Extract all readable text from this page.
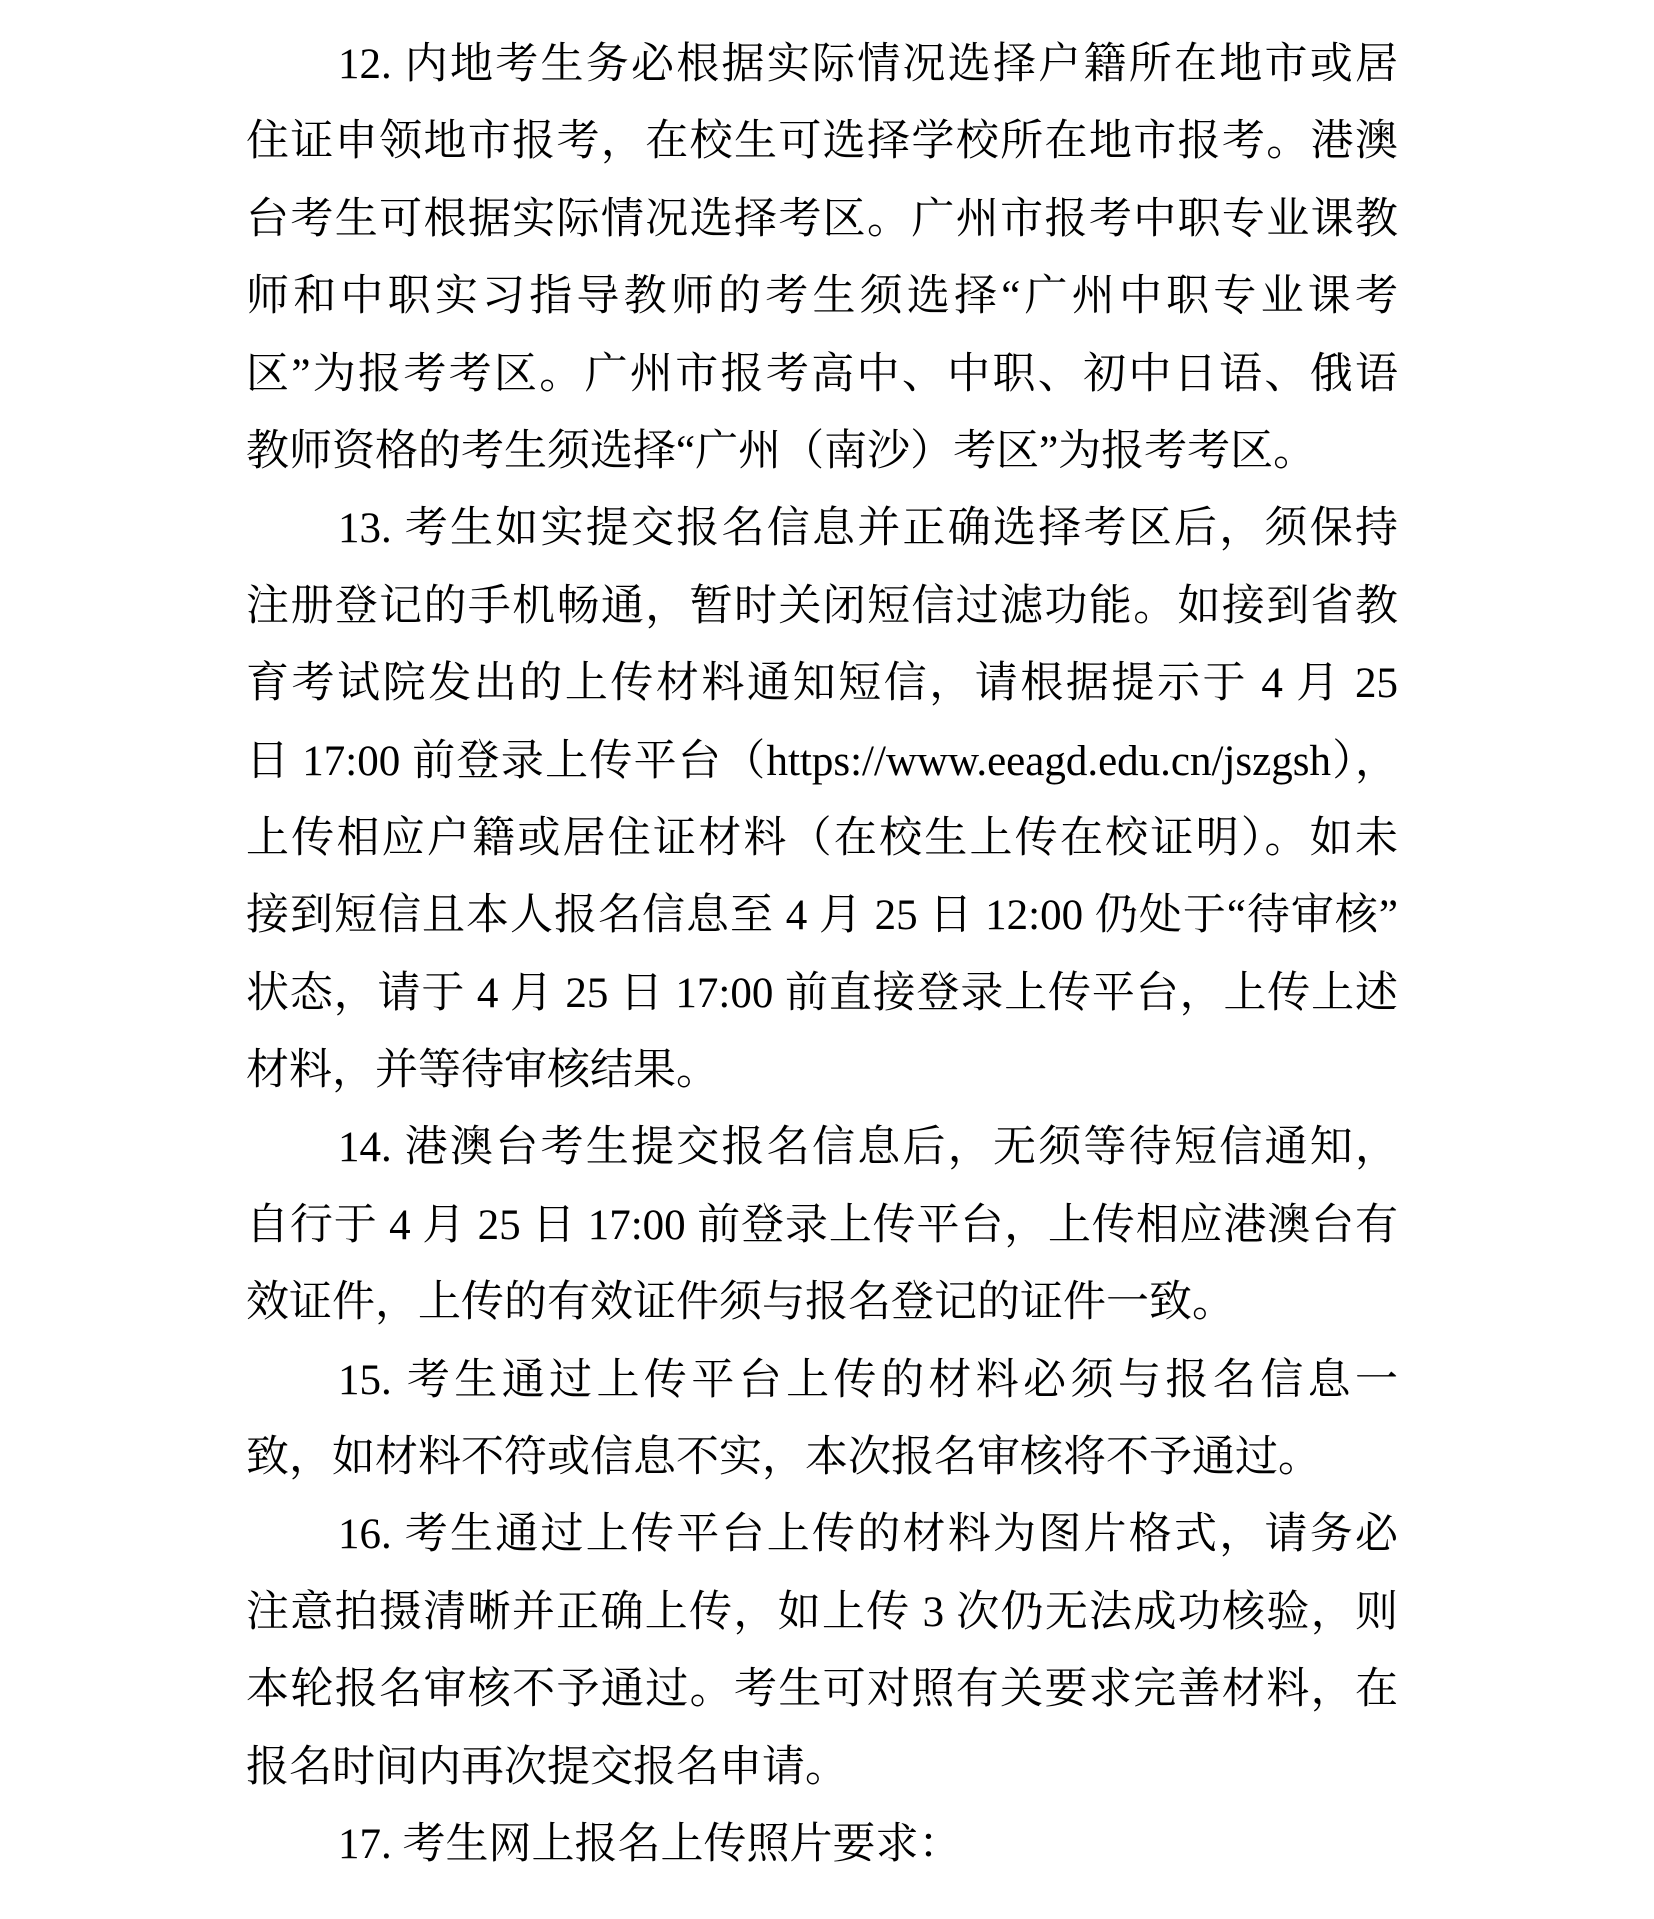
12. 内地考生务必根据实际情况选择户籍所在地市或居
住证申领地市报考，在校生可选择学校所在地市报考。港澳
台考生可根据实际情况选择考区。广州市报考中职专业课教
师和中职实习指导教师的考生须选择“广州中职专业课考
区”为报考考区。广州市报考高中、中职、初中日语、俄语
教师资格的考生须选择“广州（南沙）考区”为报考考区。
13. 考生如实提交报名信息并正确选择考区后，须保持
注册登记的手机畅通，暂时关闭短信过滤功能。如接到省教
育考试院发出的上传材料通知短信，请根据提示于 4 月 25
日 17:00 前登录上传平台（https://www.eeagd.edu.cn/jszgsh），
上传相应户籍或居住证材料（在校生上传在校证明）。如未
接到短信且本人报名信息至 4 月 25 日 12:00 仍处于“待审核”
状态，请于 4 月 25 日 17:00 前直接登录上传平台，上传上述
材料，并等待审核结果。
14. 港澳台考生提交报名信息后，无须等待短信通知，
自行于 4 月 25 日 17:00 前登录上传平台，上传相应港澳台有
效证件，上传的有效证件须与报名登记的证件一致。
15. 考生通过上传平台上传的材料必须与报名信息一
致，如材料不符或信息不实，本次报名审核将不予通过。
16. 考生通过上传平台上传的材料为图片格式，请务必
注意拍摄清晰并正确上传，如上传 3 次仍无法成功核验，则
本轮报名审核不予通过。考生可对照有关要求完善材料，在
报名时间内再次提交报名申请。
17. 考生网上报名上传照片要求：
